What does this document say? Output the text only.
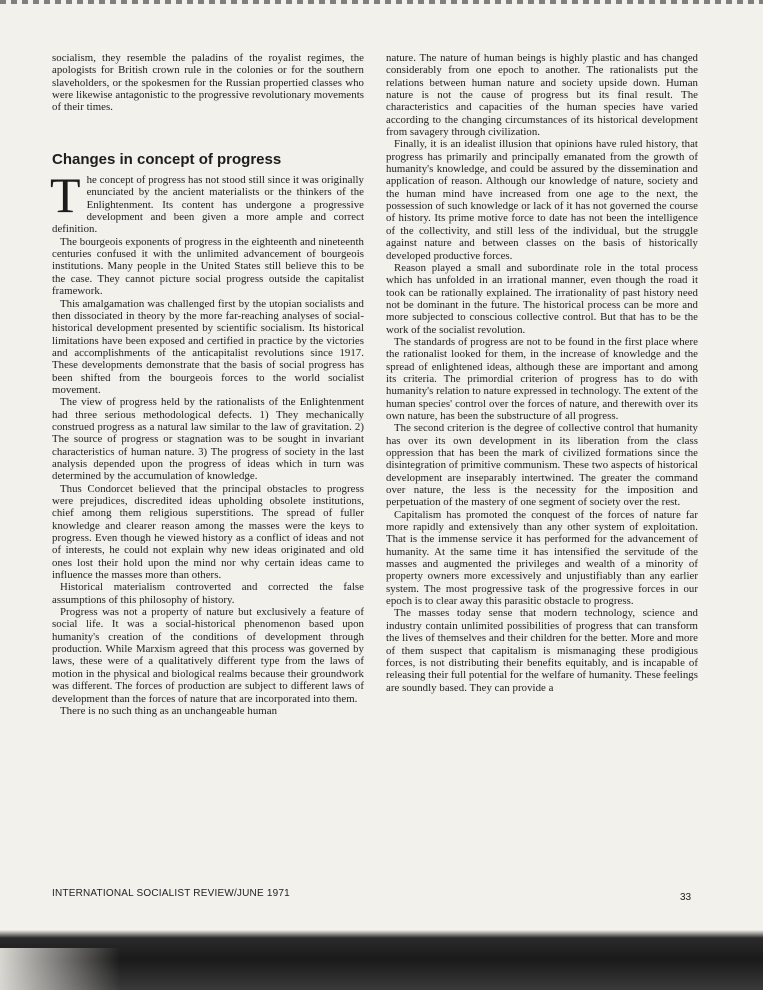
socialism, they resemble the paladins of the royalist regimes, the apologists for British crown rule in the colonies or for the southern slaveholders, or the spokesmen for the Russian propertied classes who were likewise antagonistic to the progressive revolutionary movements of their times.

Changes in concept of progress
T he concept of progress has not stood still since it was originally enunciated by the ancient materialists or the thinkers of the Enlightenment. Its content has undergone a progressive development and been given a more ample and correct definition.

The bourgeois exponents of progress in the eighteenth and nineteenth centuries confused it with the unlimited advancement of bourgeois institutions. Many people in the United States still believe this to be the case. They cannot picture social progress outside the capitalist framework.

This amalgamation was challenged first by the utopian socialists and then dissociated in theory by the more far-reaching analyses of social-historical development presented by scientific socialism. Its historical limitations have been exposed and certified in practice by the victories and accomplishments of the anticapitalist revolutions since 1917. These developments demonstrate that the basis of social progress has been shifted from the bourgeois forces to the world socialist movement.

The view of progress held by the rationalists of the Enlightenment had three serious methodological defects. 1) They mechanically construed progress as a natural law similar to the law of gravitation. 2) The source of progress or stagnation was to be sought in invariant characteristics of human nature. 3) The progress of society in the last analysis depended upon the progress of ideas which in turn was determined by the accumulation of knowledge.

Thus Condorcet believed that the principal obstacles to progress were prejudices, discredited ideas upholding obsolete institutions, chief among them religious superstitions. The spread of fuller knowledge and clearer reason among the masses were the keys to progress. Even though he viewed history as a conflict of ideas and not of interests, he could not explain why new ideas originated and old ones lost their hold upon the mind nor why certain ideas came to influence the masses more than others.

Historical materialism controverted and corrected the false assumptions of this philosophy of history.

Progress was not a property of nature but exclusively a feature of social life. It was a social-historical phenomenon based upon humanity's creation of the conditions of development through production. While Marxism agreed that this process was governed by laws, these were of a qualitatively different type from the laws of motion in the physical and biological realms because their groundwork was different. The forces of production are subject to different laws of development than the forces of nature that are incorporated into them.

There is no such thing as an unchangeable human

nature. The nature of human beings is highly plastic and has changed considerably from one epoch to another. The rationalists put the relations between human nature and society upside down. Human nature is not the cause of progress but its final result. The characteristics and capacities of the human species have varied according to the changing circumstances of its historical development from savagery through civilization.

Finally, it is an idealist illusion that opinions have ruled history, that progress has primarily and principally emanated from the growth of humanity's knowledge, and could be assured by the dissemination and application of reason. Although our knowledge of nature, society and the human mind have increased from one age to the next, the possession of such knowledge or lack of it has not governed the course of history. Its prime motive force to date has not been the intelligence of the collectivity, and still less of the individual, but the struggle against nature and between classes on the basis of historically developed productive forces.

Reason played a small and subordinate role in the total process which has unfolded in an irrational manner, even though the road it took can be rationally explained. The irrationality of past history need not be dominant in the future. The historical process can be more and more subjected to conscious collective control. But that has to be the work of the socialist revolution.

The standards of progress are not to be found in the first place where the rationalist looked for them, in the increase of knowledge and the spread of enlightened ideas, although these are important and among its criteria. The primordial criterion of progress has to do with humanity's relation to nature expressed in technology. The extent of the human species' control over the forces of nature, and therewith over its own nature, has been the substructure of all progress.

The second criterion is the degree of collective control that humanity has over its own development in its liberation from the class oppression that has been the mark of civilized formations since the disintegration of primitive communism. These two aspects of historical development are inseparably intertwined. The greater the command over nature, the less is the necessity for the imposition and perpetuation of the mastery of one segment of society over the rest.

Capitalism has promoted the conquest of the forces of nature far more rapidly and extensively than any other system of exploitation. That is the immense service it has performed for the advancement of humanity. At the same time it has intensified the servitude of the masses and augmented the privileges and wealth of a minority of property owners more excessively and unjustifiably than any earlier system. The most progressive task of the progressive forces in our epoch is to clear away this parasitic obstacle to progress.

The masses today sense that modern technology, science and industry contain unlimited possibilities of progress that can transform the lives of themselves and their children for the better. More and more of them suspect that capitalism is mismanaging these prodigious forces, is not distributing their benefits equitably, and is incapable of releasing their full potential for the welfare of humanity. These feelings are soundly based. They can provide a

INTERNATIONAL SOCIALIST REVIEW/JUNE 1971	33
